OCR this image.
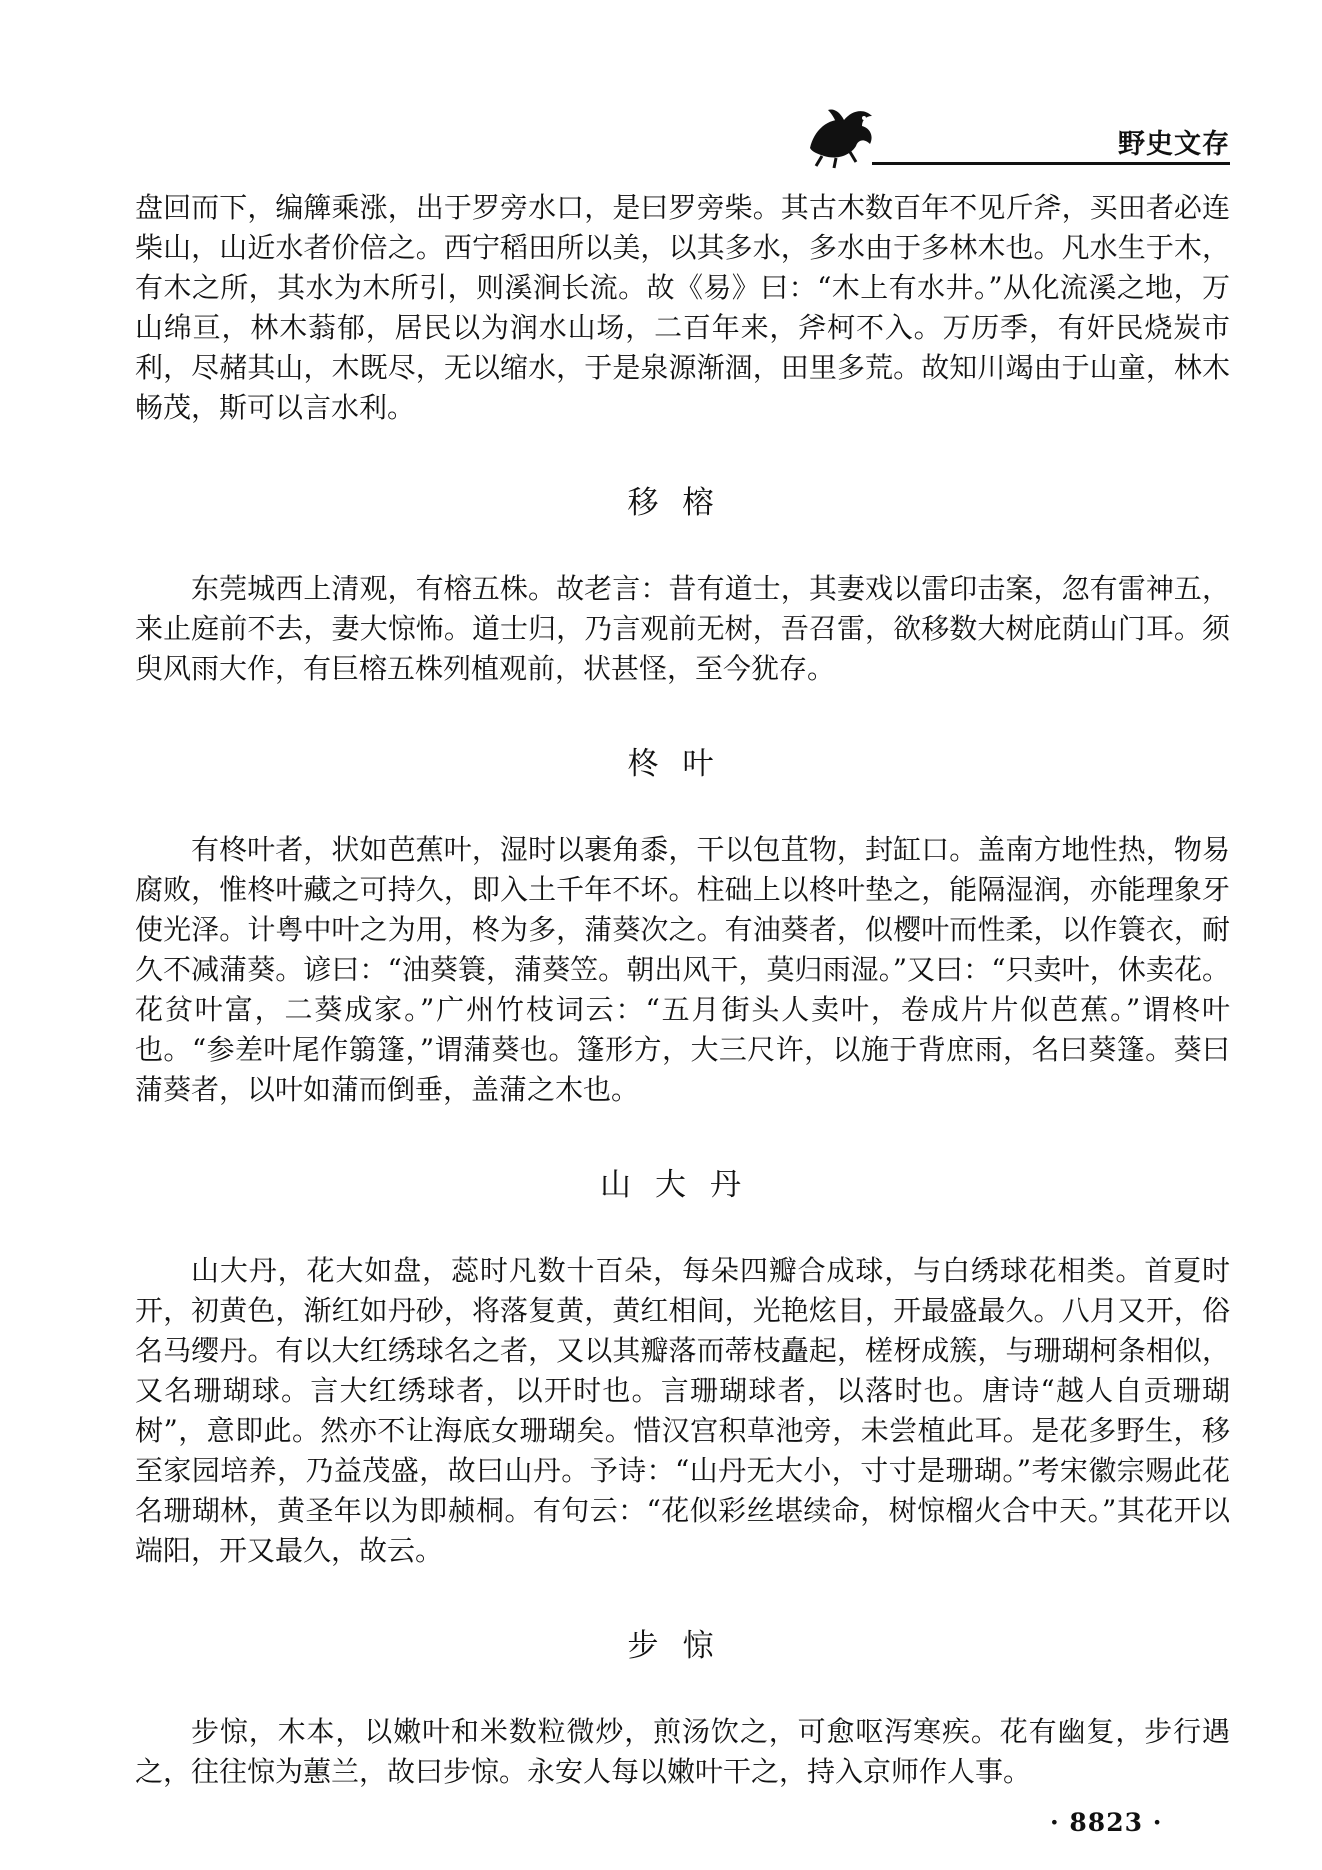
野史文存

盘回而下，编簰乘涨，出于罗旁水口，是曰罗旁柴。其古木数百年不见斤斧，买田者必连柴山，山近水者价倍之。西宁稻田所以美，以其多水，多水由于多林木也。凡水生于木，有木之所，其水为木所引，则溪涧长流。故《易》曰：“木上有水井。”从化流溪之地，万山绵亘，林木蓊郁，居民以为润水山场，二百年来，斧柯不入。万历季，有奸民烧炭市利，尽赭其山，木既尽，无以缩水，于是泉源渐涸，田里多荒。故知川竭由于山童，林木畅茂，斯可以言水利。

移榕

东莞城西上清观，有榕五株。故老言：昔有道士，其妻戏以雷印击案，忽有雷神五，来止庭前不去，妻大惊怖。道士归，乃言观前无树，吾召雷，欲移数大树庇荫山门耳。须臾风雨大作，有巨榕五株列植观前，状甚怪，至今犹存。

柊叶

有柊叶者，状如芭蕉叶，湿时以裹角黍，干以包苴物，封缸口。盖南方地性热，物易腐败，惟柊叶藏之可持久，即入土千年不坏。柱础上以柊叶垫之，能隔湿润，亦能理象牙使光泽。计粤中叶之为用，柊为多，蒲葵次之。有油葵者，似樱叶而性柔，以作簑衣，耐久不减蒲葵。谚曰：“油葵簑，蒲葵笠。朝出风干，莫归雨湿。”又曰：“只卖叶，休卖花。花贫叶富，二葵成家。”广州竹枝词云：“五月街头人卖叶，卷成片片似芭蕉。”谓柊叶也。“参差叶尾作篛篷，”谓蒲葵也。篷形方，大三尺许，以施于背庶雨，名曰葵篷。葵曰蒲葵者，以叶如蒲而倒垂，盖蒲之木也。

山大丹

山大丹，花大如盘，蕊时凡数十百朵，每朵四瓣合成球，与白绣球花相类。首夏时开，初黄色，渐红如丹砂，将落复黄，黄红相间，光艳炫目，开最盛最久。八月又开，俗名马缨丹。有以大红绣球名之者，又以其瓣落而蒂枝矗起，槎枒成簇，与珊瑚柯条相似，又名珊瑚球。言大红绣球者，以开时也。言珊瑚球者，以落时也。唐诗“越人自贡珊瑚树”，意即此。然亦不让海底女珊瑚矣。惜汉宫积草池旁，未尝植此耳。是花多野生，移至家园培养，乃益茂盛，故曰山丹。予诗：“山丹无大小，寸寸是珊瑚。”考宋徽宗赐此花名珊瑚林，黄圣年以为即赪桐。有句云：“花似彩丝堪续命，树惊榴火合中天。”其花开以端阳，开又最久，故云。

步惊

步惊，木本，以嫩叶和米数粒微炒，煎汤饮之，可愈呕泻寒疾。花有幽复，步行遇之，往往惊为蕙兰，故曰步惊。永安人每以嫩叶干之，持入京师作人事。

· 8823 ·
